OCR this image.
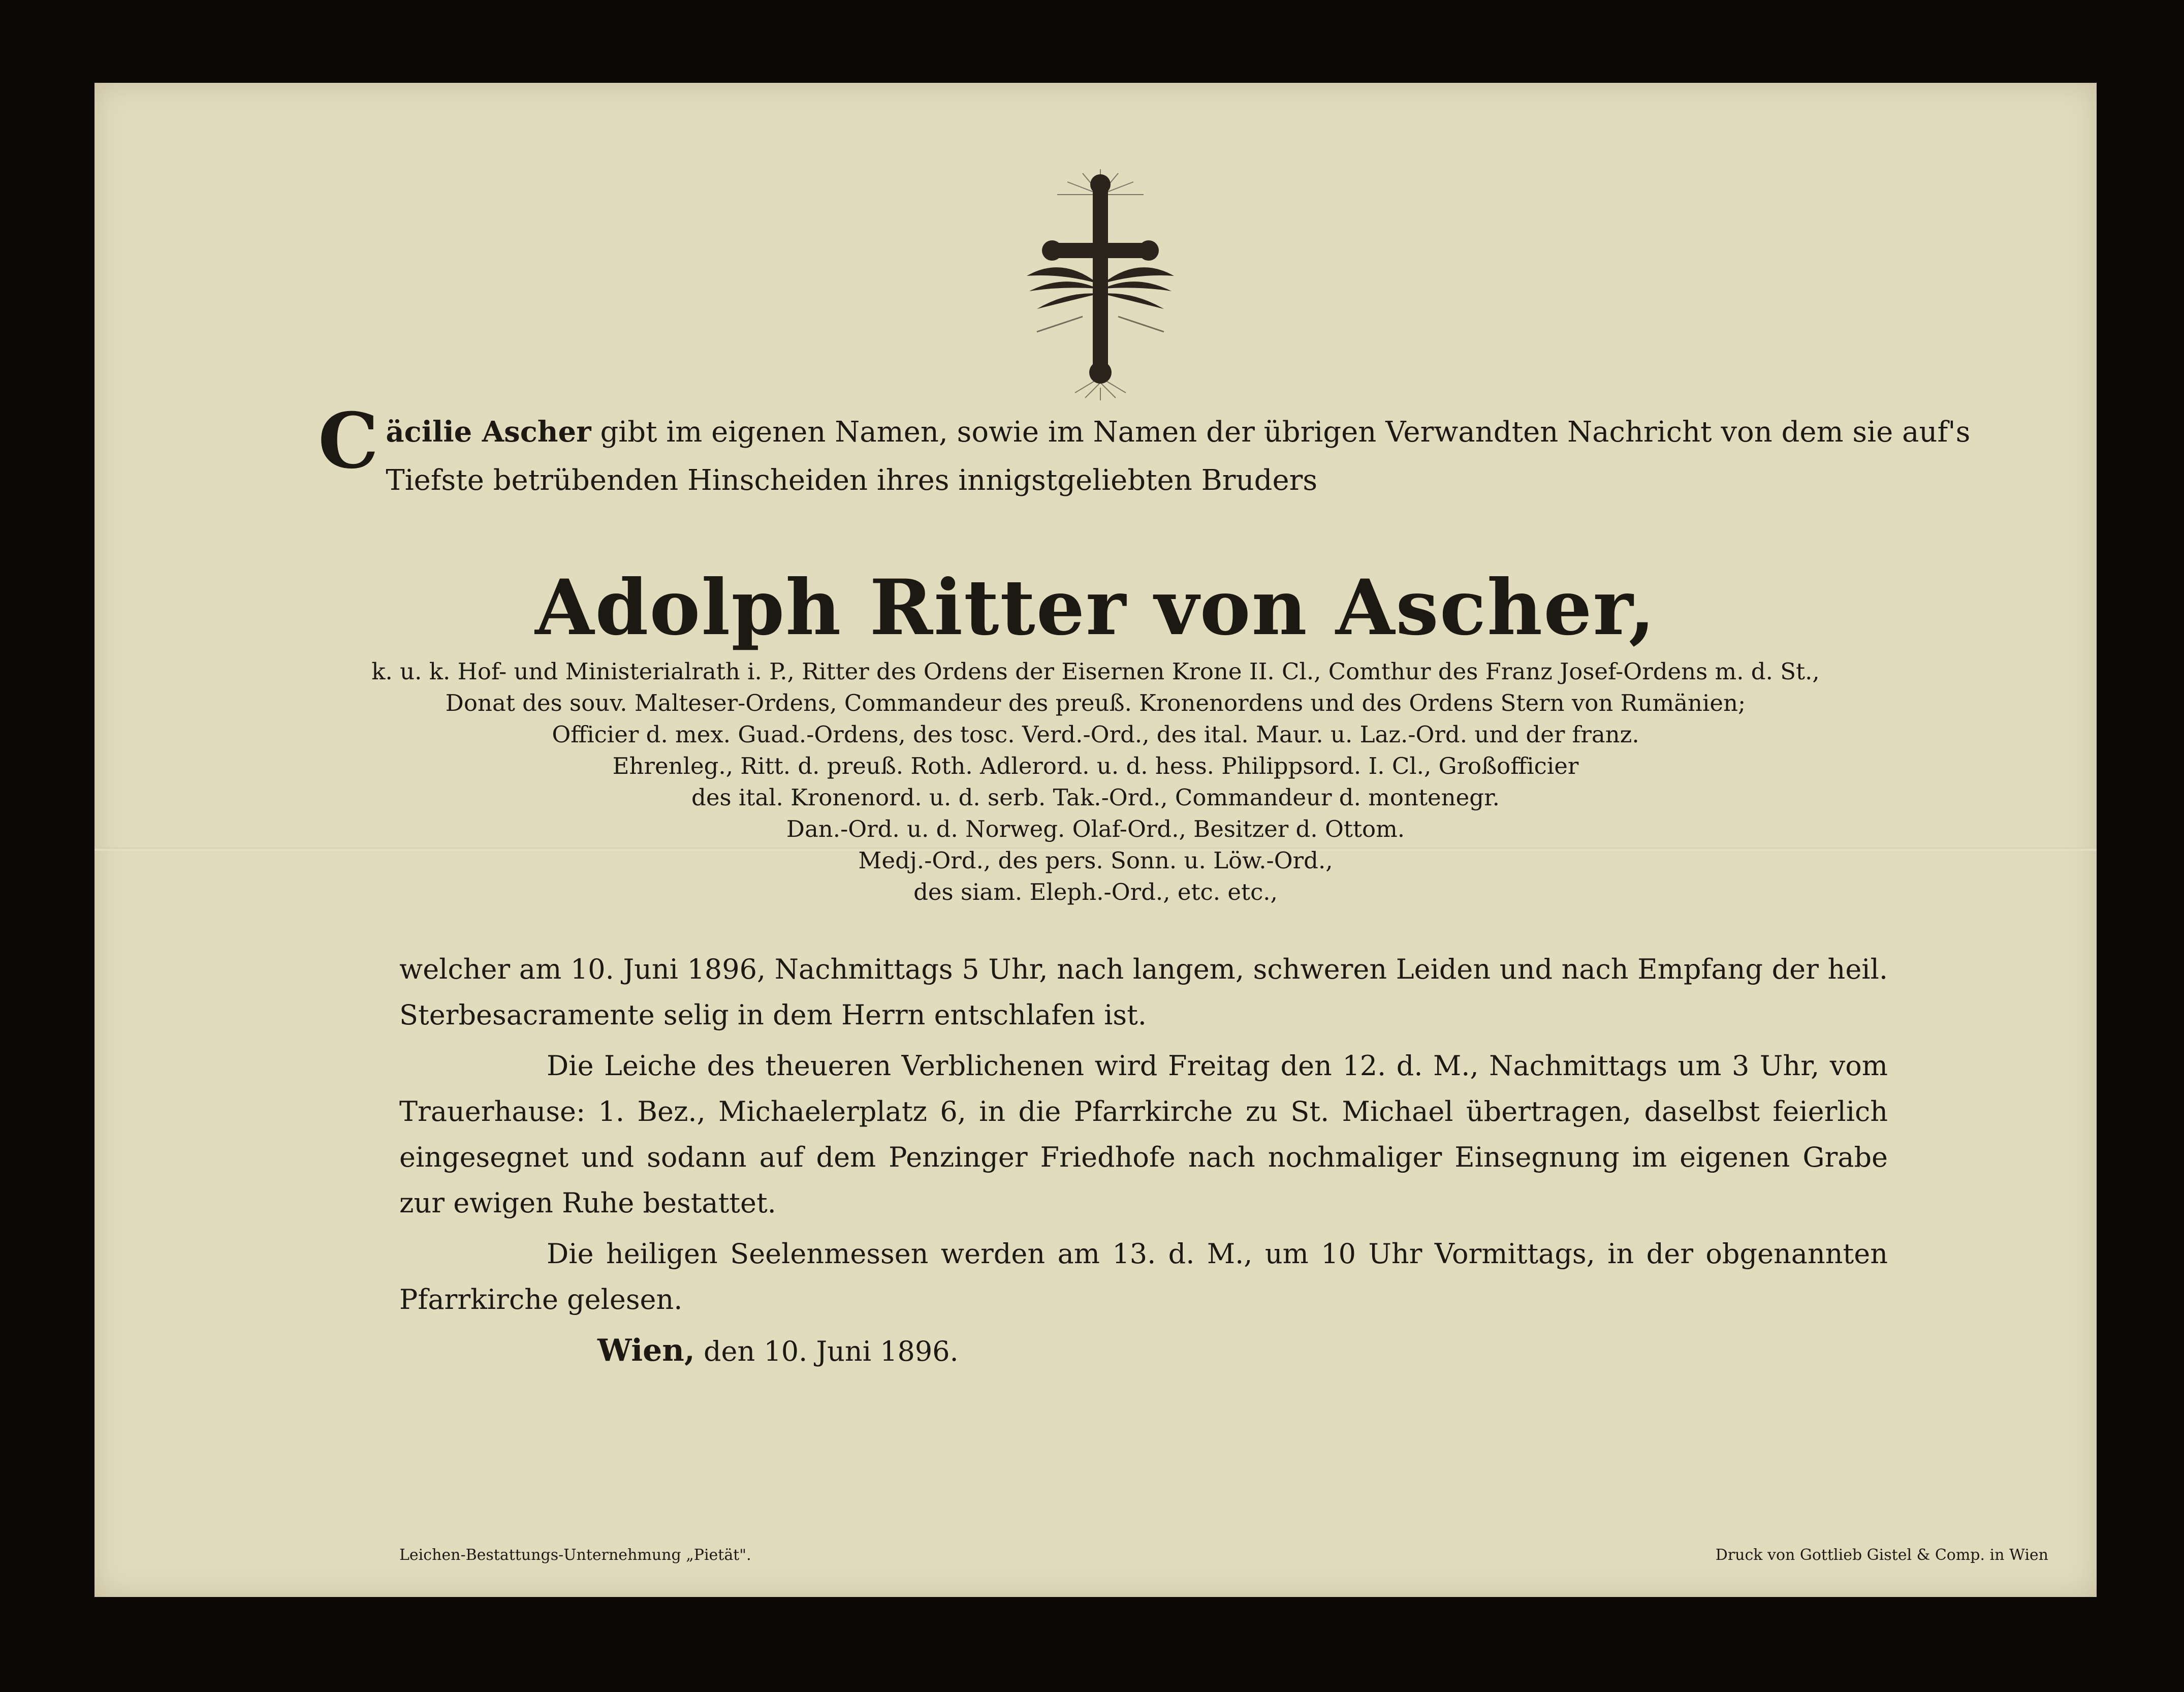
Cäcilie Ascher gibt im eigenen Namen, sowie im Namen der übrigen Verwandten Nachricht von dem sie auf's Tiefste betrübenden Hinscheiden ihres innigstgeliebten Bruders
Adolph Ritter von Ascher,
k. u. k. Hof- und Ministerialrath i. P., Ritter des Ordens der Eisernen Krone II. Cl., Comthur des Franz Josef-Ordens m. d. St.,
Donat des souv. Malteser-Ordens, Commandeur des preuß. Kronenordens und des Ordens Stern von Rumänien;
Officier d. mex. Guad.-Ordens, des tosc. Verd.-Ord., des ital. Maur. u. Laz.-Ord. und der franz.
Ehrenleg., Ritt. d. preuß. Roth. Adlerord. u. d. hess. Philippsord. I. Cl., Großofficier
des ital. Kronenord. u. d. serb. Tak.-Ord., Commandeur d. montenegr.
Dan.-Ord. u. d. Norweg. Olaf-Ord., Besitzer d. Ottom.
Medj.-Ord., des pers. Sonn. u. Löw.-Ord.,
des siam. Eleph.-Ord., etc. etc.,

welcher am 10. Juni 1896, Nachmittags 5 Uhr, nach langem, schweren Leiden und nach Empfang der heil. Sterbesacramente selig in dem Herrn entschlafen ist.

Die Leiche des theueren Verblichenen wird Freitag den 12. d. M., Nachmittags um 3 Uhr, vom Trauerhause: 1. Bez., Michaelerplatz 6, in die Pfarrkirche zu St. Michael übertragen, daselbst feierlich eingesegnet und sodann auf dem Penzinger Friedhofe nach nochmaliger Einsegnung im eigenen Grabe zur ewigen Ruhe bestattet.

Die heiligen Seelenmessen werden am 13. d. M., um 10 Uhr Vormittags, in der obgenannten Pfarrkirche gelesen.

Wien, den 10. Juni 1896.
Leichen-Bestattungs-Unternehmung „Pietät".	Druck von Gottlieb Gistel & Comp. in Wien
